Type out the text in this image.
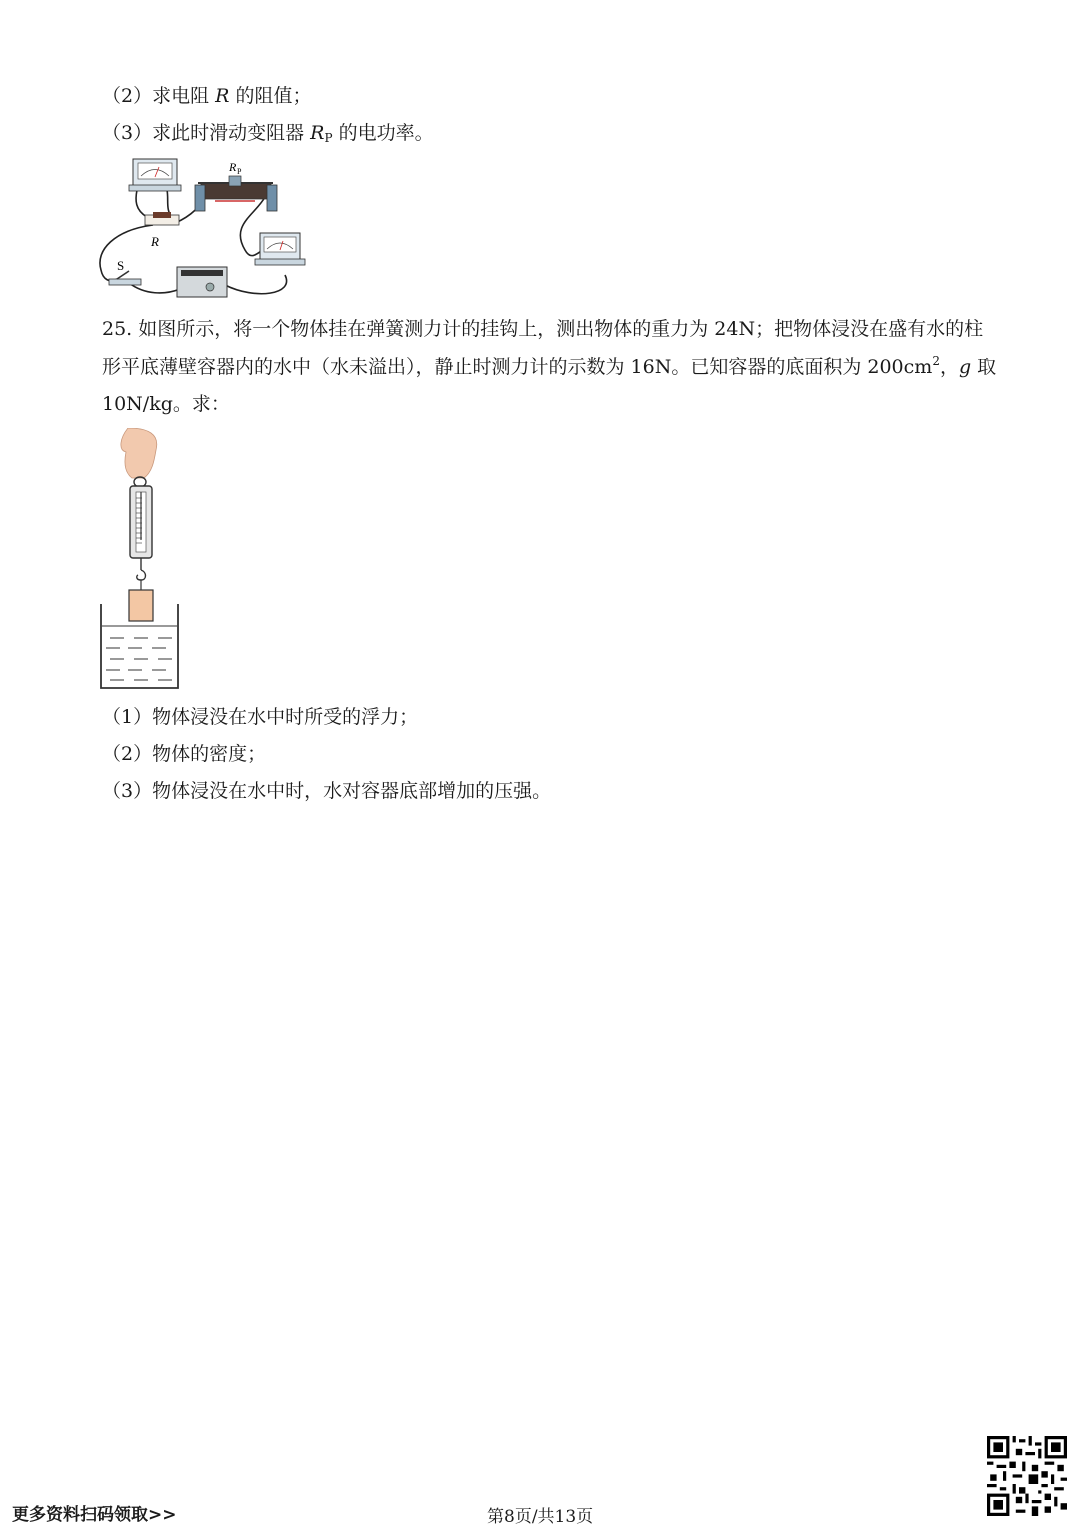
（2）求电阻 R 的阻值；
（3）求此时滑动变阻器 RP 的电功率。
R P
R
S
25. 如图所示，将一个物体挂在弹簧测力计的挂钩上，测出物体的重力为 24N；把物体浸没在盛有水的柱
形平底薄壁容器内的水中（水未溢出），静止时测力计的示数为 16N。已知容器的底面积为 $200cm^2$，g 取
10N/kg。求：
（1）物体浸没在水中时所受的浮力；
（2）物体的密度；
（3）物体浸没在水中时，水对容器底部增加的压强。
更多资料扫码领取>>	第8页/共13页
